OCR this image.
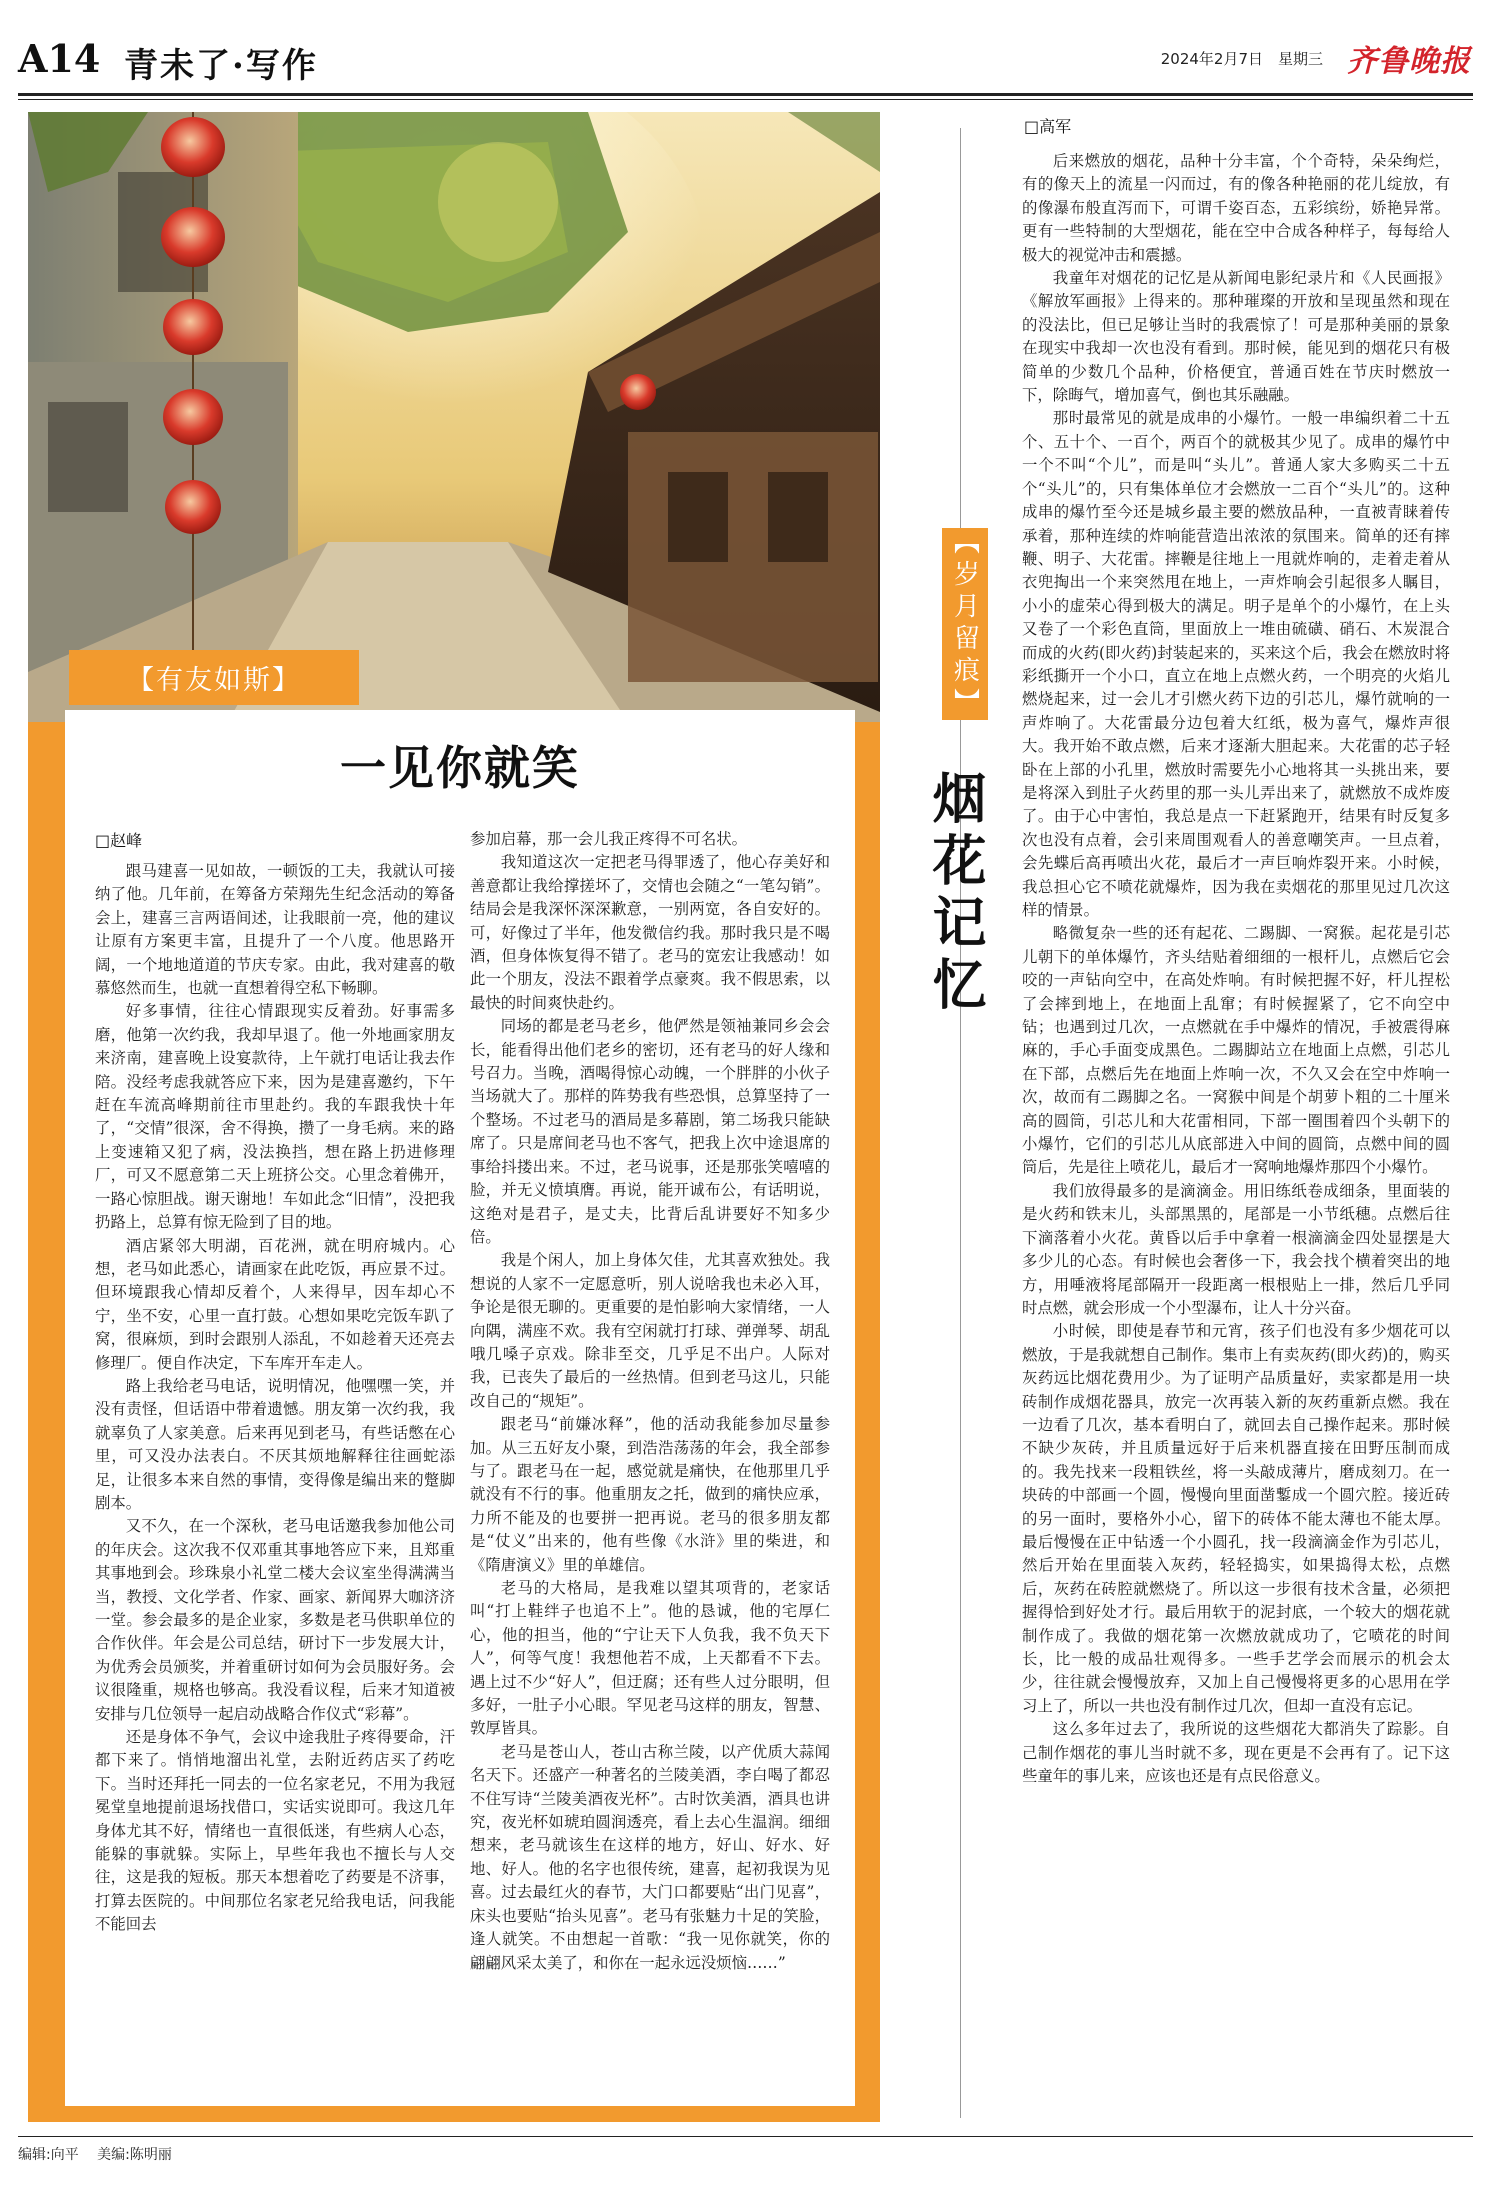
A14 青未了·写作	2024年2月7日 星期三 齐鲁晚报
【有友如斯】
一见你就笑
□赵峰

跟马建喜一见如故，一顿饭的工夫，我就认可接纳了他。几年前，在筹备方荣翔先生纪念活动的筹备会上，建喜三言两语间述，让我眼前一亮，他的建议让原有方案更丰富，且提升了一个八度。他思路开阔，一个地地道道的节庆专家。由此，我对建喜的敬慕悠然而生，也就一直想着得空私下畅聊。

好多事情，往往心情跟现实反着劲。好事需多磨，他第一次约我，我却早退了。他一外地画家朋友来济南，建喜晚上设宴款待，上午就打电话让我去作陪。没经考虑我就答应下来，因为是建喜邀约，下午赶在车流高峰期前往市里赴约。我的车跟我快十年了，“交情”很深，舍不得换，攒了一身毛病。来的路上变速箱又犯了病，没法换挡，想在路上扔进修理厂，可又不愿意第二天上班挤公交。心里念着佛开，一路心惊胆战。谢天谢地！车如此念“旧情”，没把我扔路上，总算有惊无险到了目的地。

酒店紧邻大明湖，百花洲，就在明府城内。心想，老马如此悉心，请画家在此吃饭，再应景不过。但环境跟我心情却反着个，人来得早，因车却心不宁，坐不安，心里一直打鼓。心想如果吃完饭车趴了窝，很麻烦，到时会跟别人添乱，不如趁着天还亮去修理厂。便自作决定，下车库开车走人。

路上我给老马电话，说明情况，他嘿嘿一笑，并没有责怪，但话语中带着遗憾。朋友第一次约我，我就辜负了人家美意。后来再见到老马，有些话憋在心里，可又没办法表白。不厌其烦地解释往往画蛇添足，让很多本来自然的事情，变得像是编出来的蹩脚剧本。

又不久，在一个深秋，老马电话邀我参加他公司的年庆会。这次我不仅邓重其事地答应下来，且郑重其事地到会。珍珠泉小礼堂二楼大会议室坐得满满当当，教授、文化学者、作家、画家、新闻界大咖济济一堂。参会最多的是企业家，多数是老马供职单位的合作伙伴。年会是公司总结，研讨下一步发展大计，为优秀会员颁奖，并着重研讨如何为会员服好务。会议很隆重，规格也够高。我没看议程，后来才知道被安排与几位领导一起启动战略合作仪式“彩幕”。

还是身体不争气，会议中途我肚子疼得要命，汗都下来了。悄悄地溜出礼堂，去附近药店买了药吃下。当时还拜托一同去的一位名家老兄，不用为我冠冕堂皇地提前退场找借口，实话实说即可。我这几年身体尤其不好，情绪也一直很低迷，有些病人心态，能躲的事就躲。实际上，早些年我也不擅长与人交往，这是我的短板。那天本想着吃了药要是不济事，打算去医院的。中间那位名家老兄给我电话，问我能不能回去

参加启幕，那一会儿我正疼得不可名状。

我知道这次一定把老马得罪透了，他心存美好和善意都让我给撑搓坏了，交情也会随之“一笔勾销”。结局会是我深怀深深歉意，一别两宽，各自安好的。可，好像过了半年，他发微信约我。那时我只是不喝酒，但身体恢复得不错了。老马的宽宏让我感动！如此一个朋友，没法不跟着学点豪爽。我不假思索，以最快的时间爽快赴约。

同场的都是老马老乡，他俨然是领袖兼同乡会会长，能看得出他们老乡的密切，还有老马的好人缘和号召力。当晚，酒喝得惊心动魄，一个胖胖的小伙子当场就大了。那样的阵势我有些恐惧，总算坚持了一个整场。不过老马的酒局是多幕剧，第二场我只能缺席了。只是席间老马也不客气，把我上次中途退席的事给抖搂出来。不过，老马说事，还是那张笑嘻嘻的脸，并无义愤填膺。再说，能开诚布公，有话明说，这绝对是君子，是丈夫，比背后乱讲要好不知多少倍。

我是个闲人，加上身体欠佳，尤其喜欢独处。我想说的人家不一定愿意听，别人说啥我也未必入耳，争论是很无聊的。更重要的是怕影响大家情绪，一人向隅，满座不欢。我有空闲就打打球、弹弹琴、胡乱哦几嗓子京戏。除非至交，几乎足不出户。人际对我，已丧失了最后的一丝热情。但到老马这儿，只能改自己的“规矩”。

跟老马“前嫌冰释”，他的活动我能参加尽量参加。从三五好友小聚，到浩浩荡荡的年会，我全部参与了。跟老马在一起，感觉就是痛快，在他那里几乎就没有不行的事。他重朋友之托，做到的痛快应承，力所不能及的也要拼一把再说。老马的很多朋友都是“仗义”出来的，他有些像《水浒》里的柴进，和《隋唐演义》里的单雄信。

老马的大格局，是我难以望其项背的，老家话叫“打上鞋绊子也追不上”。他的恳诚，他的宅厚仁心，他的担当，他的“宁让天下人负我，我不负天下人”，何等气度！我想他若不成，上天都看不下去。遇上过不少“好人”，但迂腐；还有些人过分眼明，但多好，一肚子小心眼。罕见老马这样的朋友，智慧、敦厚皆具。

老马是苍山人，苍山古称兰陵，以产优质大蒜闻名天下。还盛产一种著名的兰陵美酒，李白喝了都忍不住写诗“兰陵美酒夜光杯”。古时饮美酒，酒具也讲究，夜光杯如琥珀圆润透亮，看上去心生温润。细细想来，老马就该生在这样的地方，好山、好水、好地、好人。他的名字也很传统，建喜，起初我误为见喜。过去最红火的春节，大门口都要贴“出门见喜”，床头也要贴“抬头见喜”。老马有张魅力十足的笑脸，逢人就笑。不由想起一首歌：“我一见你就笑，你的翩翩风采太美了，和你在一起永远没烦恼……”

【岁月留痕】
烟花记忆
□高军

后来燃放的烟花，品种十分丰富，个个奇特，朵朵绚烂，有的像天上的流星一闪而过，有的像各种艳丽的花儿绽放，有的像瀑布般直泻而下，可谓千姿百态，五彩缤纷，娇艳异常。更有一些特制的大型烟花，能在空中合成各种样子，每每给人极大的视觉冲击和震撼。

我童年对烟花的记忆是从新闻电影纪录片和《人民画报》《解放军画报》上得来的。那种璀璨的开放和呈现虽然和现在的没法比，但已足够让当时的我震惊了！可是那种美丽的景象在现实中我却一次也没有看到。那时候，能见到的烟花只有极简单的少数几个品种，价格便宜，普通百姓在节庆时燃放一下，除晦气，增加喜气，倒也其乐融融。

那时最常见的就是成串的小爆竹。一般一串编织着二十五个、五十个、一百个，两百个的就极其少见了。成串的爆竹中一个不叫“个儿”，而是叫“头儿”。普通人家大多购买二十五个“头儿”的，只有集体单位才会燃放一二百个“头儿”的。这种成串的爆竹至今还是城乡最主要的燃放品种，一直被青睐着传承着，那种连续的炸响能营造出浓浓的氛围来。简单的还有摔鞭、明子、大花雷。摔鞭是往地上一甩就炸响的，走着走着从衣兜掏出一个来突然甩在地上，一声炸响会引起很多人瞩目，小小的虚荣心得到极大的满足。明子是单个的小爆竹，在上头又卷了一个彩色直筒，里面放上一堆由硫磺、硝石、木炭混合而成的火药(即火药)封装起来的，买来这个后，我会在燃放时将彩纸撕开一个小口，直立在地上点燃火药，一个明亮的火焰儿燃烧起来，过一会儿才引燃火药下边的引芯儿，爆竹就响的一声炸响了。大花雷最分边包着大红纸，极为喜气，爆炸声很大。我开始不敢点燃，后来才逐渐大胆起来。大花雷的芯子轻卧在上部的小孔里，燃放时需要先小心地将其一头挑出来，要是将深入到肚子火药里的那一头儿弄出来了，就燃放不成炸废了。由于心中害怕，我总是点一下赶紧跑开，结果有时反复多次也没有点着，会引来周围观看人的善意嘲笑声。一旦点着，会先蝶后高再喷出火花，最后才一声巨响炸裂开来。小时候，我总担心它不喷花就爆炸，因为我在卖烟花的那里见过几次这样的情景。

略微复杂一些的还有起花、二踢脚、一窝猴。起花是引芯儿朝下的单体爆竹，齐头结贴着细细的一根杆儿，点燃后它会咬的一声钻向空中，在高处炸响。有时候把握不好，杆儿捏松了会摔到地上，在地面上乱窜；有时候握紧了，它不向空中钻；也遇到过几次，一点燃就在手中爆炸的情况，手被震得麻麻的，手心手面变成黑色。二踢脚站立在地面上点燃，引芯儿在下部，点燃后先在地面上炸响一次，不久又会在空中炸响一次，故而有二踢脚之名。一窝猴中间是个胡萝卜粗的二十厘米高的圆筒，引芯儿和大花雷相同，下部一圈围着四个头朝下的小爆竹，它们的引芯儿从底部进入中间的圆筒，点燃中间的圆筒后，先是往上喷花儿，最后才一窝响地爆炸那四个小爆竹。

我们放得最多的是滴滴金。用旧练纸卷成细条，里面装的是火药和铁末儿，头部黑黑的，尾部是一小节纸穗。点燃后往下滴落着小火花。黄昏以后手中拿着一根滴滴金四处显摆是大多少儿的心态。有时候也会奢侈一下，我会找个横着突出的地方，用唾液将尾部隔开一段距离一根根贴上一排，然后几乎同时点燃，就会形成一个小型瀑布，让人十分兴奋。

小时候，即使是春节和元宵，孩子们也没有多少烟花可以燃放，于是我就想自己制作。集市上有卖灰药(即火药)的，购买灰药远比烟花费用少。为了证明产品质量好，卖家都是用一块砖制作成烟花器具，放完一次再装入新的灰药重新点燃。我在一边看了几次，基本看明白了，就回去自己操作起来。那时候不缺少灰砖，并且质量远好于后来机器直接在田野压制而成的。我先找来一段粗铁丝，将一头敲成薄片，磨成刻刀。在一块砖的中部画一个圆，慢慢向里面凿鏨成一个圆穴腔。接近砖的另一面时，要格外小心，留下的砖体不能太薄也不能太厚。最后慢慢在正中钻透一个小圆孔，找一段滴滴金作为引芯儿，然后开始在里面装入灰药，轻轻捣实，如果捣得太松，点燃后，灰药在砖腔就燃烧了。所以这一步很有技术含量，必须把握得恰到好处才行。最后用软于的泥封底，一个较大的烟花就制作成了。我做的烟花第一次燃放就成功了，它喷花的时间长，比一般的成品壮观得多。一些手艺学会而展示的机会太少，往往就会慢慢放弃，又加上自己慢慢将更多的心思用在学习上了，所以一共也没有制作过几次，但却一直没有忘记。

这么多年过去了，我所说的这些烟花大都消失了踪影。自己制作烟花的事儿当时就不多，现在更是不会再有了。记下这些童年的事儿来，应该也还是有点民俗意义。

编辑:向平 美编:陈明丽
